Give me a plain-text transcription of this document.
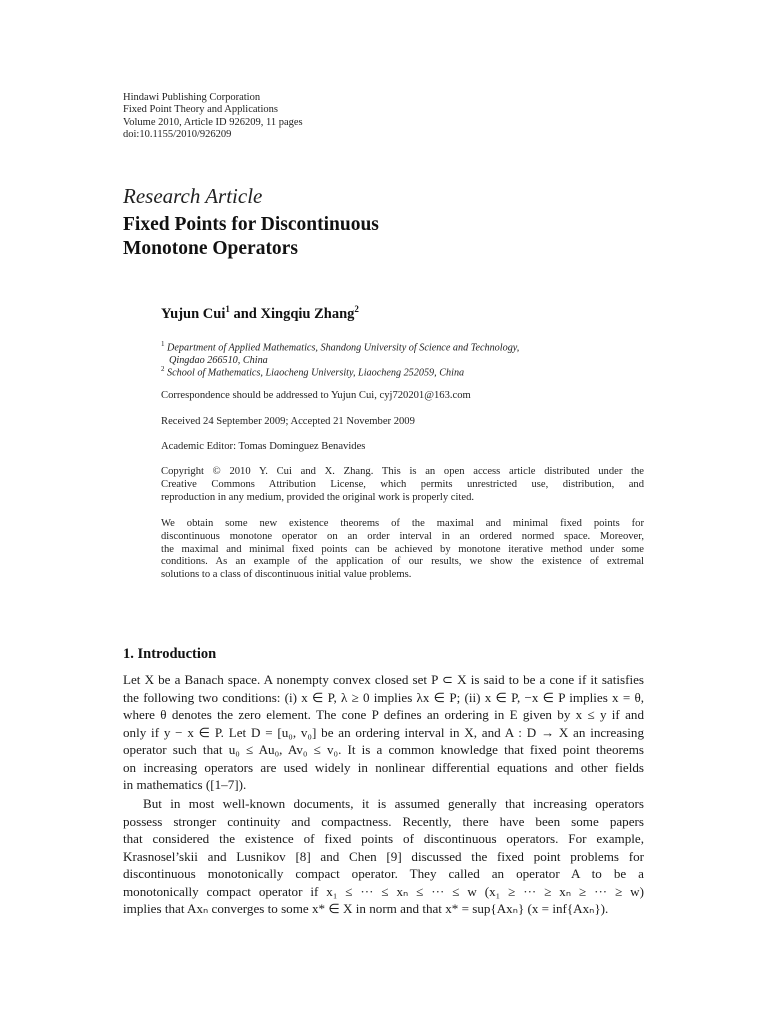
Hindawi Publishing Corporation
Fixed Point Theory and Applications
Volume 2010, Article ID 926209, 11 pages
doi:10.1155/2010/926209
Research Article
Fixed Points for Discontinuous
Monotone Operators
Yujun Cui$^1$ and Xingqiu Zhang$^2$
$^1$ Department of Applied Mathematics, Shandong University of Science and Technology,
Qingdao 266510, China
$^2$ School of Mathematics, Liaocheng University, Liaocheng 252059, China
Correspondence should be addressed to Yujun Cui, cyj720201@163.com
Received 24 September 2009; Accepted 21 November 2009
Academic Editor: Tomas Dominguez Benavides
Copyright © 2010 Y. Cui and X. Zhang. This is an open access article distributed under the
Creative Commons Attribution License, which permits unrestricted use, distribution, and
reproduction in any medium, provided the original work is properly cited.
We obtain some new existence theorems of the maximal and minimal fixed points for
discontinuous monotone operator on an order interval in an ordered normed space. Moreover,
the maximal and minimal fixed points can be achieved by monotone iterative method under some
conditions. As an example of the application of our results, we show the existence of extremal
solutions to a class of discontinuous initial value problems.
1. Introduction
Let X be a Banach space. A nonempty convex closed set P ⊂ X is said to be a cone if it satisfies
the following two conditions: (i) x ∈ P, λ ≥ 0 implies λx ∈ P; (ii) x ∈ P, −x ∈ P implies x = θ,
where θ denotes the zero element. The cone P defines an ordering in E given by x ≤ y if and
only if y − x ∈ P. Let D = [u₀, v₀] be an ordering interval in X, and A : D → X an increasing
operator such that u₀ ≤ Au₀, Av₀ ≤ v₀. It is a common knowledge that fixed point theorems
on increasing operators are used widely in nonlinear differential equations and other fields
in mathematics ([1–7]).
But in most well-known documents, it is assumed generally that increasing operators
possess stronger continuity and compactness. Recently, there have been some papers
that considered the existence of fixed points of discontinuous operators. For example,
Krasnosel’skii and Lusnikov [8] and Chen [9] discussed the fixed point problems for
discontinuous monotonically compact operator. They called an operator A to be a
monotonically compact operator if x₁ ≤ ··· ≤ xₙ ≤ ··· ≤ w (x₁ ≥ ··· ≥ xₙ ≥ ··· ≥ w)
implies that Axₙ converges to some x* ∈ X in norm and that x* = sup{Axₙ} (x = inf{Axₙ}).
